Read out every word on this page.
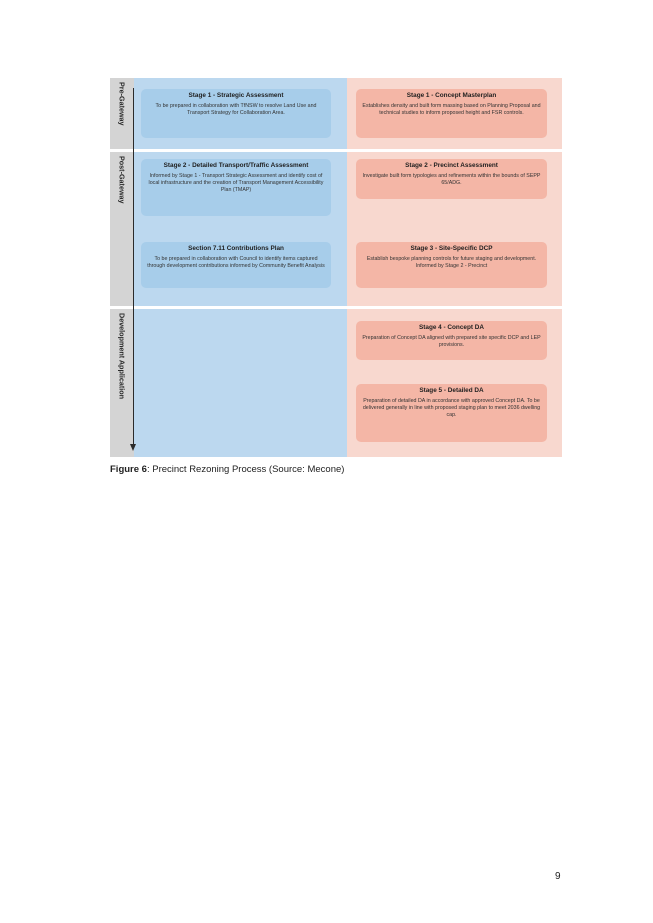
Pre-Gateway
Post-Gateway
Development Application
Stage 1 - Strategic Assessment
To be prepared in collaboration with TfNSW to resolve Land Use and Transport Strategy for Collaboration Area.
Stage 1 - Concept Masterplan
Establishes density and built form massing based on Planning Proposal and technical studies to inform proposed height and FSR controls.
Stage 2 - Detailed Transport/Traffic Assessment
Informed by Stage 1 - Transport Strategic Assessment and identify cost of local infrastructure and the creation of Transport Management Accessibility Plan (TMAP)
Stage 2 - Precinct Assessment
Investigate built form typologies and refinements within the bounds of SEPP 65/ADG.
Section 7.11 Contributions Plan
To be prepared in collaboration with Council to identify items captured through development contributions informed by Community Benefit Analysis
Stage 3 - Site-Specific DCP
Establish bespoke planning controls for future staging and development. Informed by Stage 2 - Precinct
Stage 4 - Concept DA
Preparation of Concept DA aligned with prepared site specific DCP and LEP provisions.
Stage 5 - Detailed DA
Preparation of detailed DA in accordance with approved Concept DA. To be delivered generally in line with proposed staging plan to meet 2036 dwelling cap.
Figure 6: Precinct Rezoning Process (Source: Mecone)
9
